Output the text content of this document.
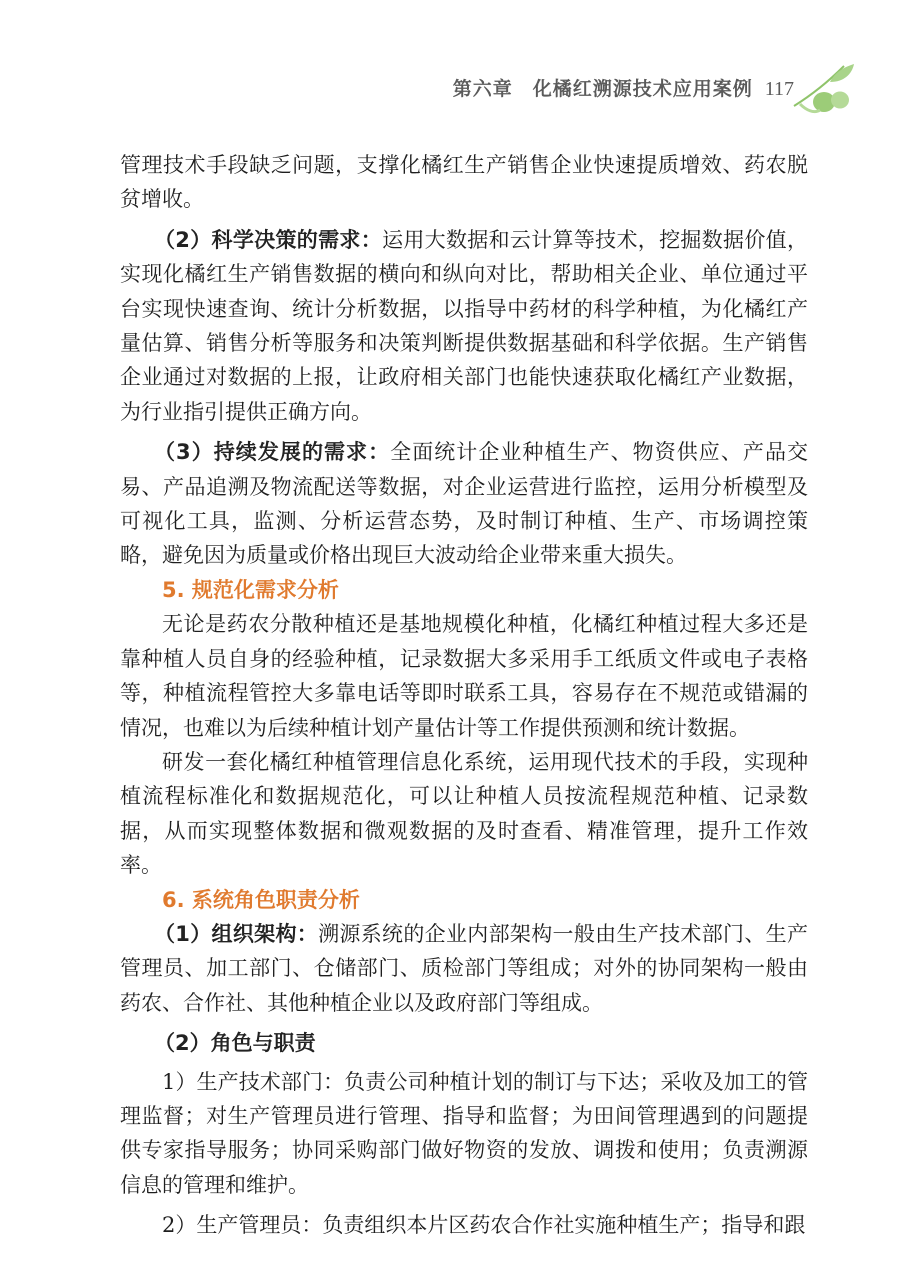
第六章　化橘红溯源技术应用案例 117

管理技术手段缺乏问题，支撑化橘红生产销售企业快速提质增效、药农脱贫增收。

（2）科学决策的需求：运用大数据和云计算等技术，挖掘数据价值，实现化橘红生产销售数据的横向和纵向对比，帮助相关企业、单位通过平台实现快速查询、统计分析数据，以指导中药材的科学种植，为化橘红产量估算、销售分析等服务和决策判断提供数据基础和科学依据。生产销售企业通过对数据的上报，让政府相关部门也能快速获取化橘红产业数据，为行业指引提供正确方向。

（3）持续发展的需求：全面统计企业种植生产、物资供应、产品交易、产品追溯及物流配送等数据，对企业运营进行监控，运用分析模型及可视化工具，监测、分析运营态势，及时制订种植、生产、市场调控策略，避免因为质量或价格出现巨大波动给企业带来重大损失。

5. 规范化需求分析

无论是药农分散种植还是基地规模化种植，化橘红种植过程大多还是靠种植人员自身的经验种植，记录数据大多采用手工纸质文件或电子表格等，种植流程管控大多靠电话等即时联系工具，容易存在不规范或错漏的情况，也难以为后续种植计划产量估计等工作提供预测和统计数据。

研发一套化橘红种植管理信息化系统，运用现代技术的手段，实现种植流程标准化和数据规范化，可以让种植人员按流程规范种植、记录数据，从而实现整体数据和微观数据的及时查看、精准管理，提升工作效率。

6. 系统角色职责分析

（1）组织架构：溯源系统的企业内部架构一般由生产技术部门、生产管理员、加工部门、仓储部门、质检部门等组成；对外的协同架构一般由药农、合作社、其他种植企业以及政府部门等组成。

（2）角色与职责

1）生产技术部门：负责公司种植计划的制订与下达；采收及加工的管理监督；对生产管理员进行管理、指导和监督；为田间管理遇到的问题提供专家指导服务；协同采购部门做好物资的发放、调拨和使用；负责溯源信息的管理和维护。

2）生产管理员：负责组织本片区药农合作社实施种植生产；指导和跟
